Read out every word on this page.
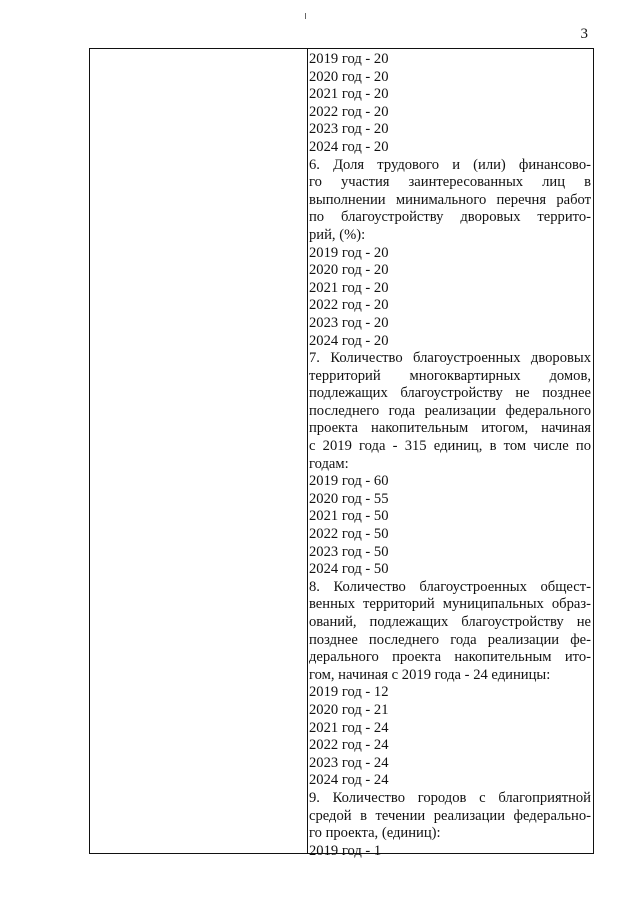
3
2019 год - 20
2020 год - 20
2021 год - 20
2022 год - 20
2023 год - 20
2024 год - 20
6. Доля трудового и (или) финансово-
го участия заинтересованных лиц в
выполнении минимального перечня работ
по благоустройству дворовых террито-
рий, (%):
2019 год - 20
2020 год - 20
2021 год - 20
2022 год - 20
2023 год - 20
2024 год - 20
7. Количество благоустроенных дворовых
территорий многоквартирных домов,
подлежащих благоустройству не позднее
последнего года реализации федерального
проекта накопительным итогом, начиная
с 2019 года - 315 единиц, в том числе по
годам:
2019 год - 60
2020 год - 55
2021 год - 50
2022 год - 50
2023 год - 50
2024 год - 50
8. Количество благоустроенных общест-
венных территорий муниципальных образ-
ований, подлежащих благоустройству не
позднее последнего года реализации фе-
дерального проекта накопительным ито-
гом, начиная с 2019 года - 24 единицы:
2019 год - 12
2020 год - 21
2021 год - 24
2022 год - 24
2023 год - 24
2024 год - 24
9. Количество городов с благоприятной
средой в течении реализации федерально-
го проекта, (единиц):
2019 год - 1
